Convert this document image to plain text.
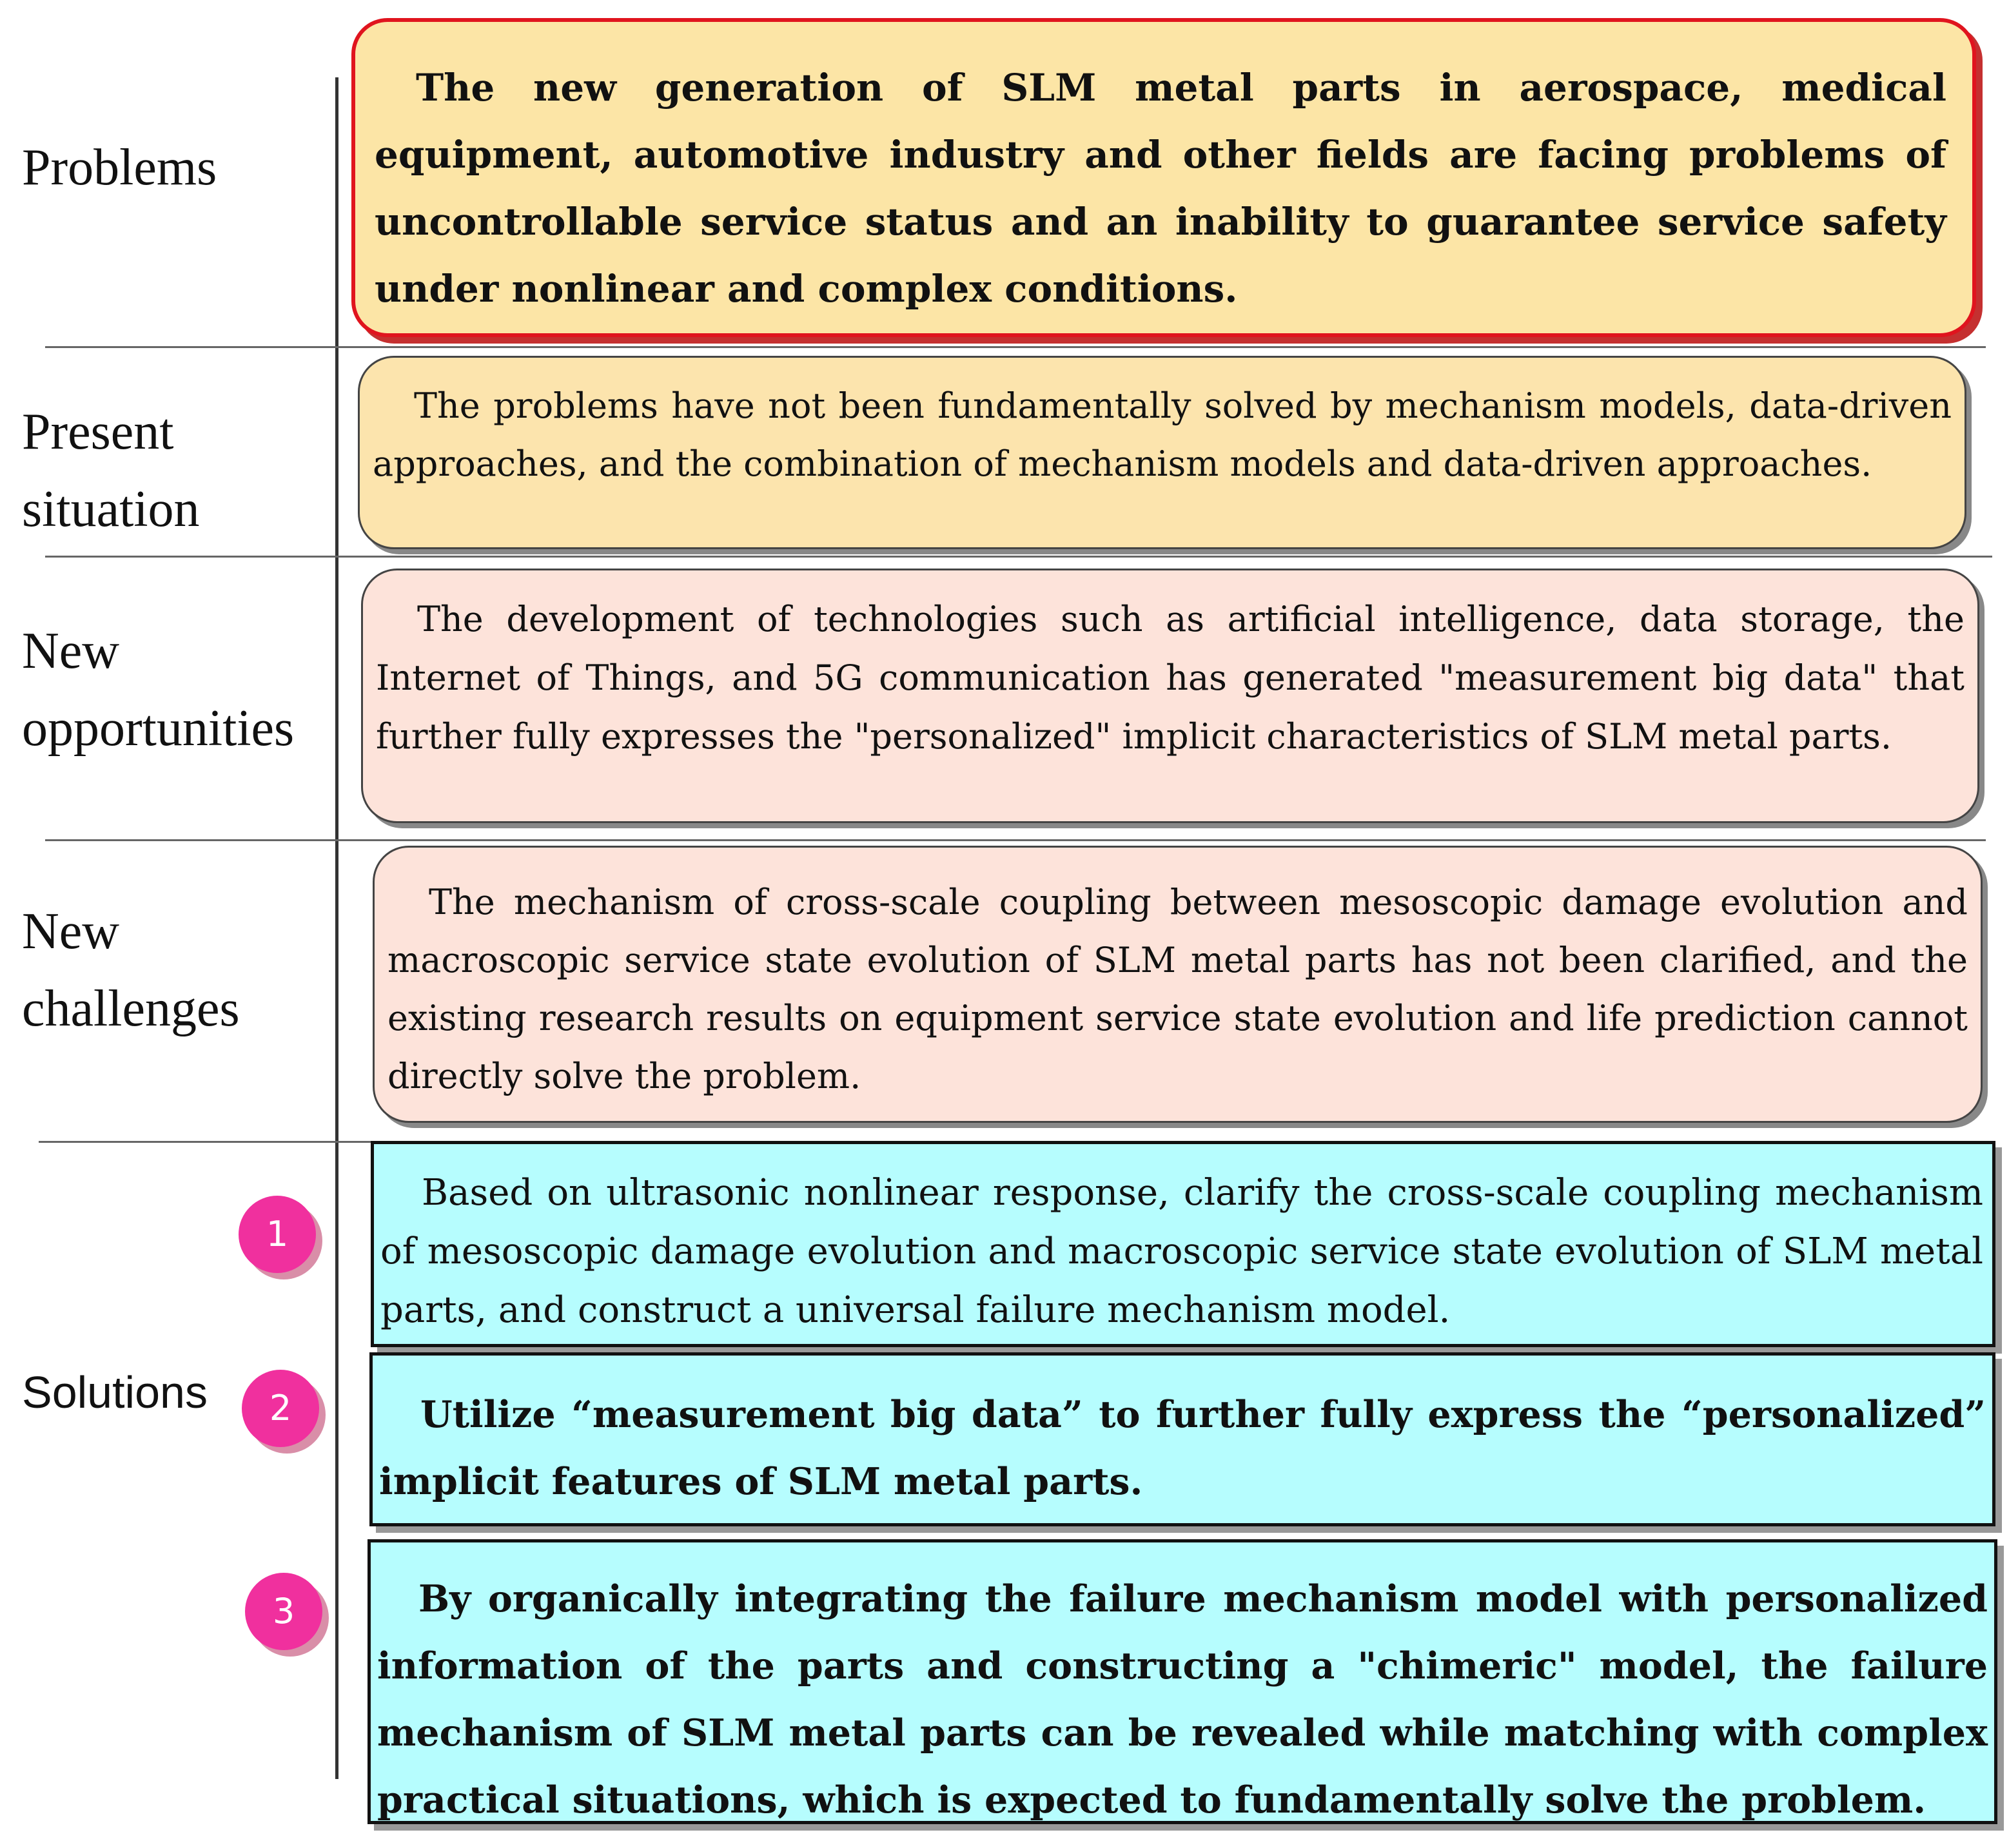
Problems
The new generation of SLM metal parts in aerospace, medical equipment, automotive industry and other fields are facing problems of uncontrollable service status and an inability to guarantee service safety under nonlinear and complex conditions.
Present
situation
The problems have not been fundamentally solved by mechanism models, data-driven approaches, and the combination of mechanism models and data-driven approaches.
New
opportunities
The development of technologies such as artificial intelligence, data storage, the Internet of Things, and 5G communication has generated "measurement big data" that further fully expresses the "personalized" implicit characteristics of SLM metal parts.
New
challenges
The mechanism of cross-scale coupling between mesoscopic damage evolution and macroscopic service state evolution of SLM metal parts has not been clarified, and the existing research results on equipment service state evolution and life prediction cannot directly solve the problem.
Solutions
1
2
3
Based on ultrasonic nonlinear response, clarify the cross-scale coupling mechanism of mesoscopic damage evolution and macroscopic service state evolution of SLM metal parts, and construct a universal failure mechanism model.
Utilize “measurement big data” to further fully express the “personalized” implicit features of SLM metal parts.
By organically integrating the failure mechanism model with personalized information of the parts and constructing a "chimeric" model, the failure mechanism of SLM metal parts can be revealed while matching with complex practical situations, which is expected to fundamentally solve the problem.
